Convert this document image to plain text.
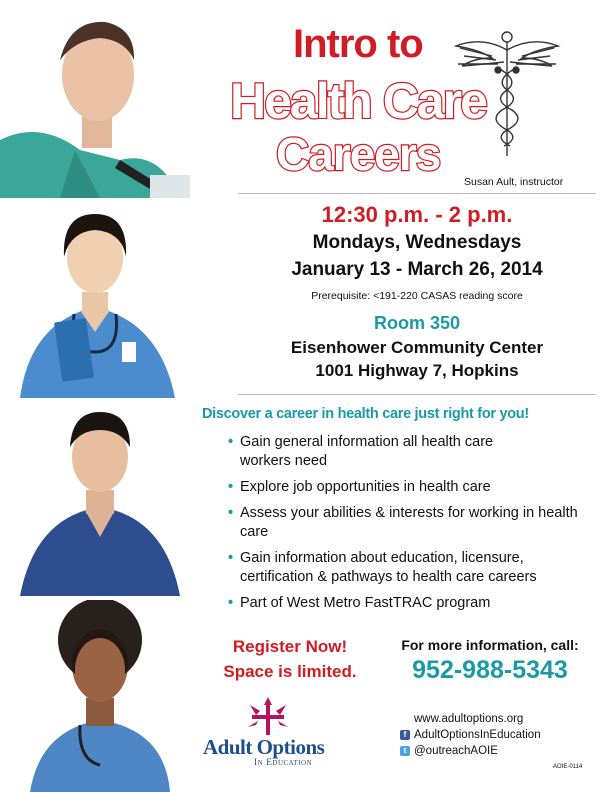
Intro to
Health Care
Careers
Susan Ault, instructor
12:30 p.m. - 2 p.m.
Mondays, Wednesdays
January 13 - March 26, 2014
Prerequisite: <191-220 CASAS reading score
Room 350
Eisenhower Community Center
1001 Highway 7, Hopkins
Discover a career in health care just right for you!
• Gain general information all health care workers need
• Explore job opportunities in health care
• Assess your abilities & interests for working in health care
• Gain information about education, licensure, certification & pathways to health care careers
• Part of West Metro FastTRAC program
Register Now!
Space is limited.
For more information, call:
952-988-5343
Adult Options
In Education
www.adultoptions.org
f AdultOptionsInEducation
t @outreachAOIE
AOIE-0114
